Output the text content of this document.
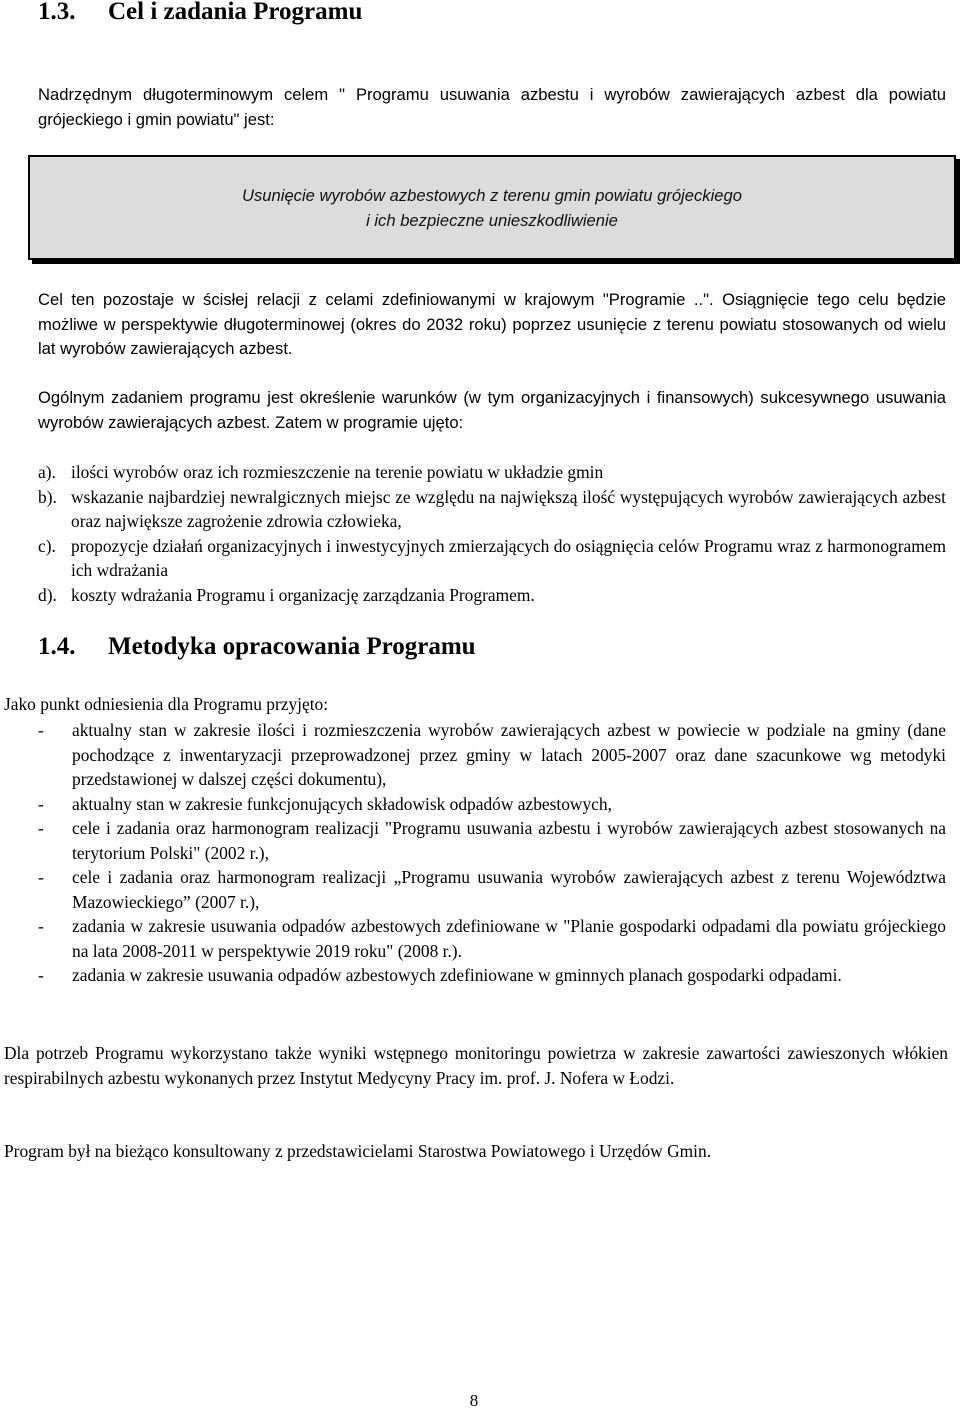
1.3. Cel i zadania Programu

Nadrzędnym długoterminowym celem " Programu usuwania azbestu i wyrobów zawierających azbest dla powiatu grójeckiego i gmin powiatu" jest:

Usunięcie wyrobów azbestowych z terenu gmin powiatu grójeckiego
i ich bezpieczne unieszkodliwienie

Cel ten pozostaje w ścisłej relacji z celami zdefiniowanymi w krajowym "Programie ..". Osiągnięcie tego celu będzie możliwe w perspektywie długoterminowej (okres do 2032 roku) poprzez usunięcie z terenu powiatu stosowanych od wielu lat wyrobów zawierających azbest.

Ogólnym zadaniem programu jest określenie warunków (w tym organizacyjnych i finansowych) sukcesywnego usuwania wyrobów zawierających azbest. Zatem w programie ujęto:

a). ilości wyrobów oraz ich rozmieszczenie na terenie powiatu w układzie gmin
b). wskazanie najbardziej newralgicznych miejsc ze względu na największą ilość występujących wyrobów zawierających azbest oraz największe zagrożenie zdrowia człowieka,
c). propozycje działań organizacyjnych i inwestycyjnych zmierzających do osiągnięcia celów Programu wraz z harmonogramem ich wdrażania
d). koszty wdrażania Programu i organizację zarządzania Programem.
1.4. Metodyka opracowania Programu

Jako punkt odniesienia dla Programu przyjęto:

- aktualny stan w zakresie ilości i rozmieszczenia wyrobów zawierających azbest w powiecie w podziale na gminy (dane pochodzące z inwentaryzacji przeprowadzonej przez gminy w latach 2005-2007 oraz dane szacunkowe wg metodyki przedstawionej w dalszej części dokumentu),
- aktualny stan w zakresie funkcjonujących składowisk odpadów azbestowych,
- cele i zadania oraz harmonogram realizacji "Programu usuwania azbestu i wyrobów zawierających azbest stosowanych na terytorium Polski" (2002 r.),
- cele i zadania oraz harmonogram realizacji „Programu usuwania wyrobów zawierających azbest z terenu Województwa Mazowieckiego” (2007 r.),
- zadania w zakresie usuwania odpadów azbestowych zdefiniowane w "Planie gospodarki odpadami dla powiatu grójeckiego na lata 2008-2011 w perspektywie 2019 roku" (2008 r.).
- zadania w zakresie usuwania odpadów azbestowych zdefiniowane w gminnych planach gospodarki odpadami.

Dla potrzeb Programu wykorzystano także wyniki wstępnego monitoringu powietrza w zakresie zawartości zawieszonych włókien respirabilnych azbestu wykonanych przez Instytut Medycyny Pracy im. prof. J. Nofera w Łodzi.

Program był na bieżąco konsultowany z przedstawicielami Starostwa Powiatowego i Urzędów Gmin.

8
